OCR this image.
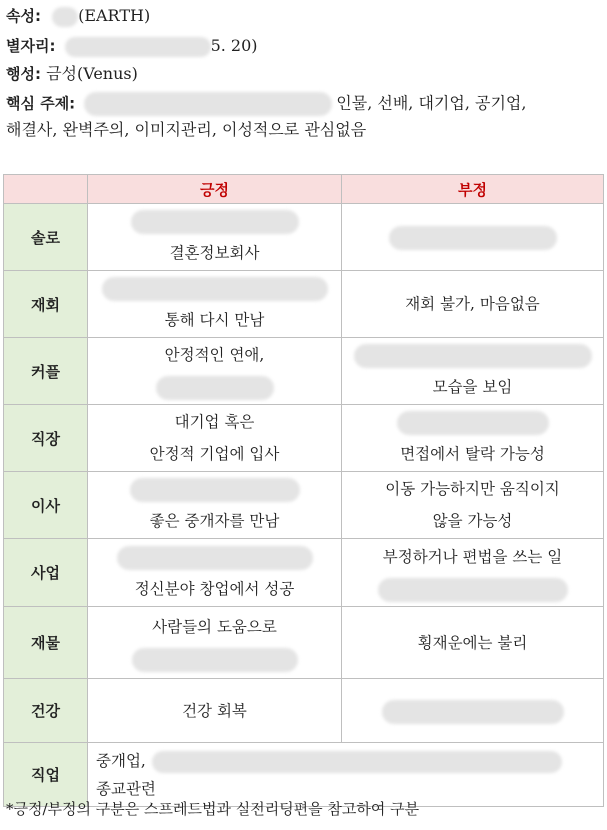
속성: (EARTH)
별자리:	5. 20)
행성: 금성(Venus)
핵심 주제:	인물, 선배, 대기업, 공기업,
해결사, 완벽주의, 이미지관리, 이성적으로 관심없음
	긍정	부정
솔로	결혼정보회사	

재회	통해 다시 만남	재회 불가, 마음없음

커플	안정적인 연애,	모습을 보임

직장	대기업 혹은
안정적 기업에 입사	면접에서 탈락 가능성

이사	좋은 중개자를 만남	이동 가능하지만 움직이지
않을 가능성

사업	정신분야 창업에서 성공	부정하거나 편법을 쓰는 일

재물	사람들의 도움으로	횡재운에는 불리

건강	건강 회복	

직업	중개업,
종교관련	
*긍정/부정의 구분은 스프레드법과 실전리딩편을 참고하여 구분
